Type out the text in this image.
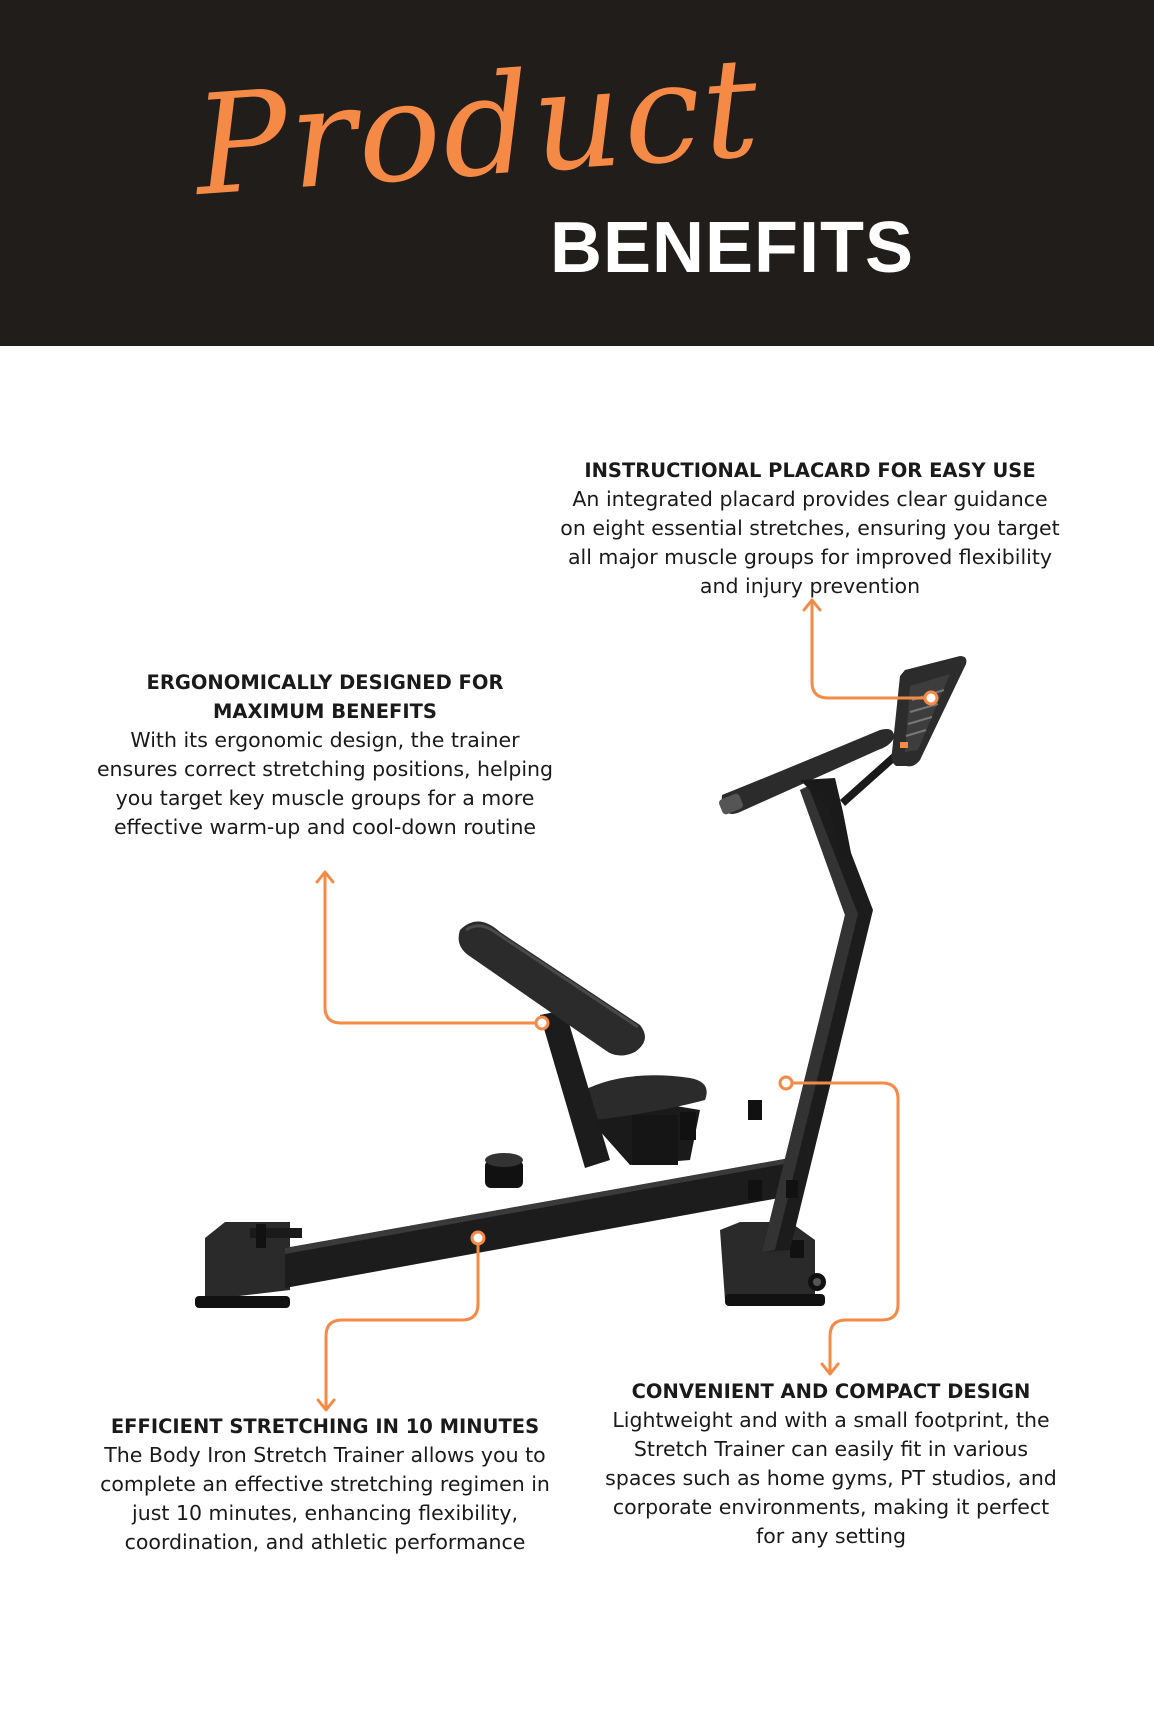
Product
BENEFITS
INSTRUCTIONAL PLACARD FOR EASY USE
An integrated placard provides clear guidance on eight essential stretches, ensuring you target all major muscle groups for improved flexibility and injury prevention
ERGONOMICALLY DESIGNED FOR MAXIMUM BENEFITS
With its ergonomic design, the trainer ensures correct stretching positions, helping you target key muscle groups for a more effective warm-up and cool-down routine
EFFICIENT STRETCHING IN 10 MINUTES
The Body Iron Stretch Trainer allows you to complete an effective stretching regimen in just 10 minutes, enhancing flexibility, coordination, and athletic performance
CONVENIENT AND COMPACT DESIGN
Lightweight and with a small footprint, the Stretch Trainer can easily fit in various spaces such as home gyms, PT studios, and corporate environments, making it perfect for any setting
